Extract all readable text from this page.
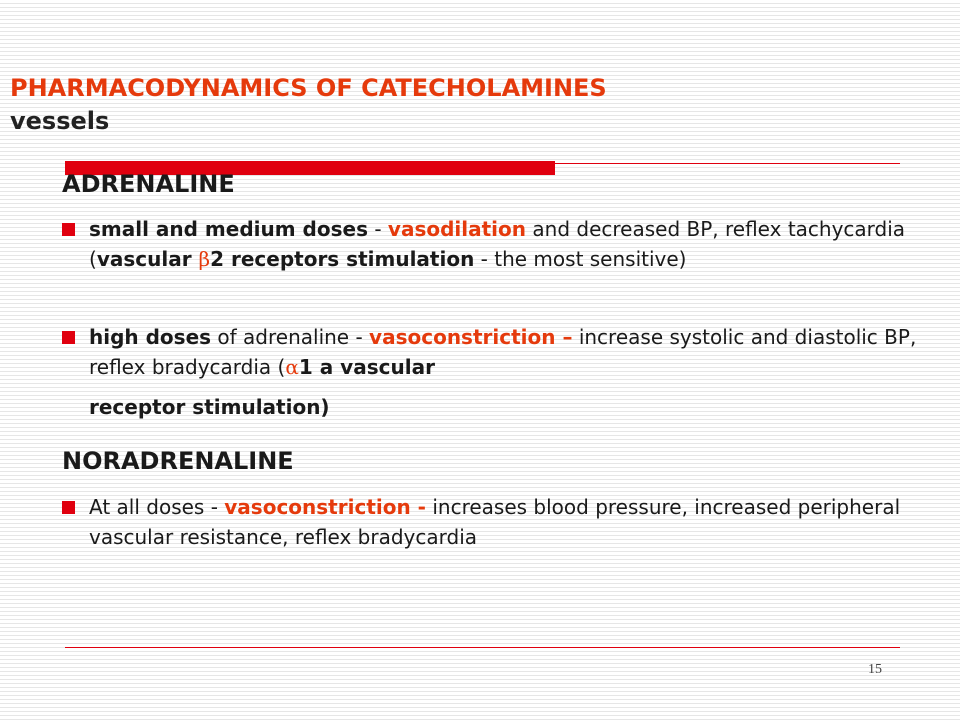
PHARMACODYNAMICS OF CATECHOLAMINES
vessels
ADRENALINE
small and medium doses - vasodilation and decreased BP, reflex tachycardia (vascular β2 receptors stimulation - the most sensitive)
high doses of adrenaline - vasoconstriction – increase systolic and diastolic BP, reflex bradycardia (α1 a vascular
receptor stimulation)
NORADRENALINE
At all doses - vasoconstriction - increases blood pressure, increased peripheral vascular resistance, reflex bradycardia
15
